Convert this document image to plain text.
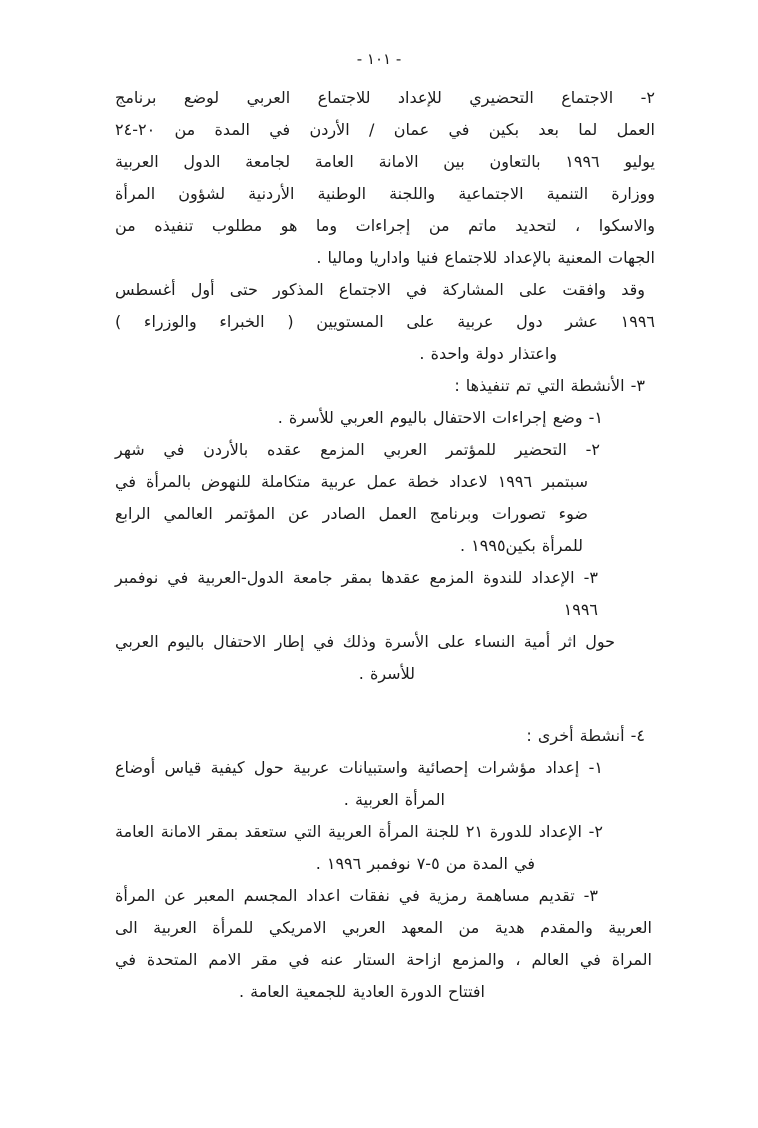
- ١٠١ -
٢- الاجتماع التحضيري للإعداد للاجتماع العربي لوضع برنامج
العمل لما بعد بكين في عمان / الأردن في المدة من ٢٠-٢٤
يوليو ١٩٩٦ بالتعاون بين الامانة العامة لجامعة الدول العربية
ووزارة التنمية الاجتماعية واللجنة الوطنية الأردنية لشؤون المرأة
والاسكوا ، لتحديد ماتم من إجراءات وما هو مطلوب تنفيذه من
الجهات المعنية بالإعداد للاجتماع فنيا واداريا وماليا .
وقد وافقت على المشاركة في الاجتماع المذكور حتى أول أغسطس
١٩٩٦ عشر دول عربية على المستويين ( الخبراء والوزراء )
واعتذار دولة واحدة .
٣- الأنشطة التي تم تنفيذها :
١- وضع إجراءات الاحتفال باليوم العربي للأسرة .
٢- التحضير للمؤتمر العربي المزمع عقده بالأردن في شهر
سبتمبر ١٩٩٦ لاعداد خطة عمل عربية متكاملة للنهوض بالمرأة في
ضوء تصورات وبرنامج العمل الصادر عن المؤتمر العالمي الرابع
للمرأة بكين١٩٩٥ .
٣- الإعداد للندوة المزمع عقدها بمقر جامعة الدول-العربية في نوفمبر ١٩٩٦
حول اثر أمية النساء على الأسرة وذلك في إطار الاحتفال باليوم العربي
للأسرة .
٤- أنشطة أخرى :
١- إعداد مؤشرات إحصائية واستبيانات عربية حول كيفية قياس أوضاع
المرأة العربية .
٢- الإعداد للدورة ٢١ للجنة المرأة العربية التي ستعقد بمقر الامانة العامة
في المدة من ٥-٧ نوفمبر ١٩٩٦ .
٣- تقديم مساهمة رمزية في نفقات اعداد المجسم المعبر عن المرأة
العربية والمقدم هدية من المعهد العربي الامريكي للمرأة العربية الى
المراة في العالم ، والمزمع ازاحة الستار عنه في مقر الامم المتحدة في
افتتاح الدورة العادية للجمعية العامة .
